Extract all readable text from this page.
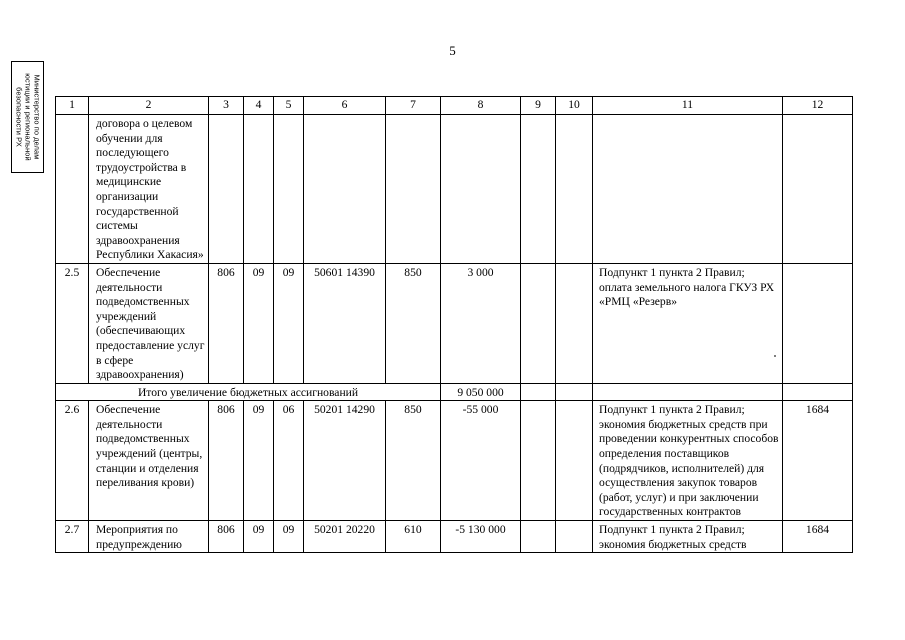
5
Министерство по делам
юстиции и региональной
безопасности РХ	1	2	3	4	5	6	7	8	9	10	11	12
	договора о целевом обучении для последующего трудоустройства в медицинские организации государственной системы здравоохранения Республики Хакасия»										
2.5	Обеспечение деятельности подведомственных учреждений (обеспечивающих предоставление услуг в сфере здравоохранения)	806	09	09	50601 14390	850	3 000			Подпункт 1 пункта 2 Правил; оплата земельного налога ГКУЗ РХ «РМЦ «Резерв»	
Итого увеличение бюджетных ассигнований							9 050 000				
2.6	Обеспечение деятельности подведомственных учреждений (центры, станции и отделения переливания крови)	806	09	06	50201 14290	850	-55 000			Подпункт 1 пункта 2 Правил; экономия бюджетных средств при проведении конкурентных способов определения поставщиков (подрядчиков, исполнителей) для осуществления закупок товаров (работ, услуг) и при заключении государственных контрактов	1684
2.7	Мероприятия по предупреждению	806	09	09	50201 20220	610	-5 130 000			Подпункт 1 пункта 2 Правил; экономия бюджетных средств	1684
